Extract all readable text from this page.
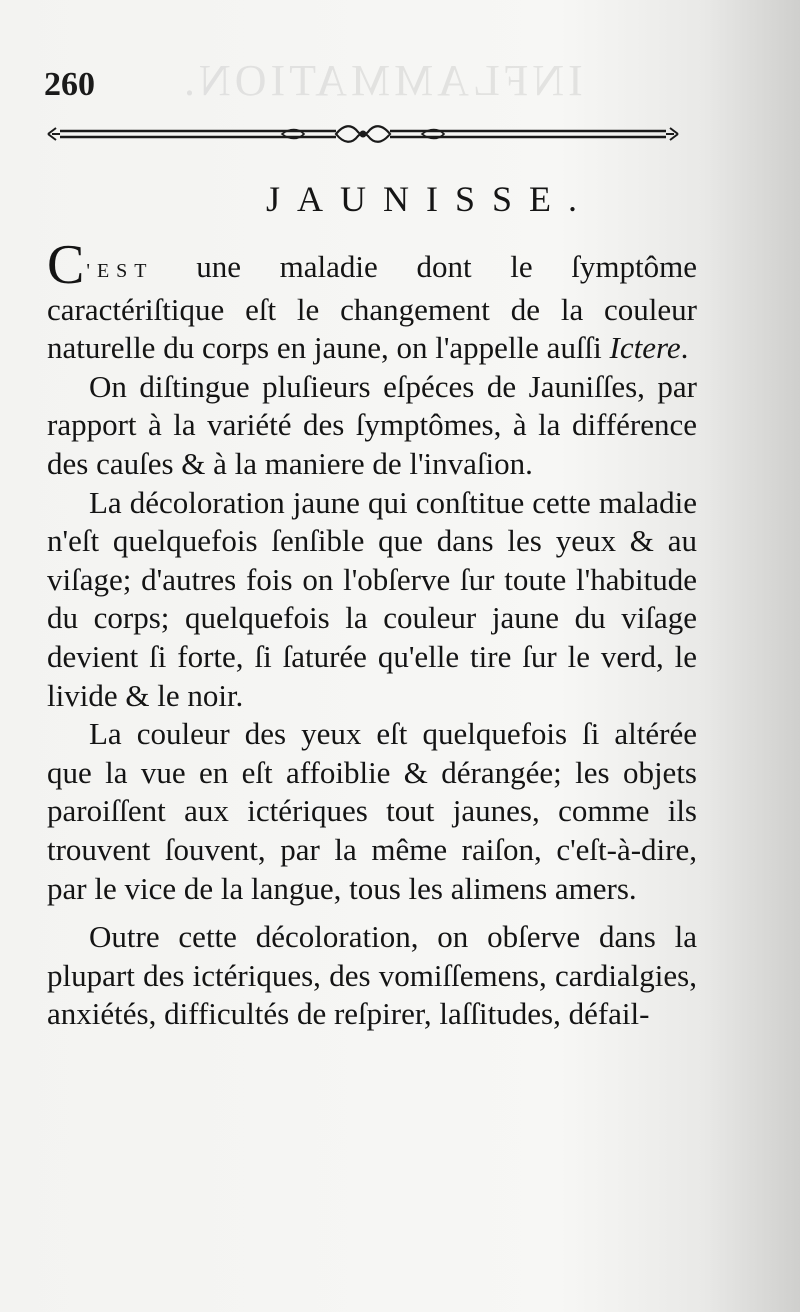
INFLAMMATION.
260
JAUNISSE.

C 'EST une maladie dont le ſymptôme caractériſtique eſt le changement de la couleur naturelle du corps en jaune, on l'appelle auſſi Ictere.

On diſtingue pluſieurs eſpéces de Jauniſſes, par rapport à la variété des ſymptômes, à la différence des cauſes & à la maniere de l'invaſion.

La décoloration jaune qui conſtitue cette maladie n'eſt quelquefois ſenſible que dans les yeux & au viſage; d'autres fois on l'obſerve ſur toute l'habitude du corps; quelquefois la couleur jaune du viſage devient ſi forte, ſi ſaturée qu'elle tire ſur le verd, le livide & le noir.

La couleur des yeux eſt quelquefois ſi altérée que la vue en eſt affoiblie & dérangée; les objets paroiſſent aux ictériques tout jaunes, comme ils trouvent ſouvent, par la même raiſon, c'eſt-à-dire, par le vice de la langue, tous les alimens amers.

Outre cette décoloration, on obſerve dans la plupart des ictériques, des vomiſſemens, cardialgies, anxiétés, difficultés de reſpirer, laſſitudes, défail-
